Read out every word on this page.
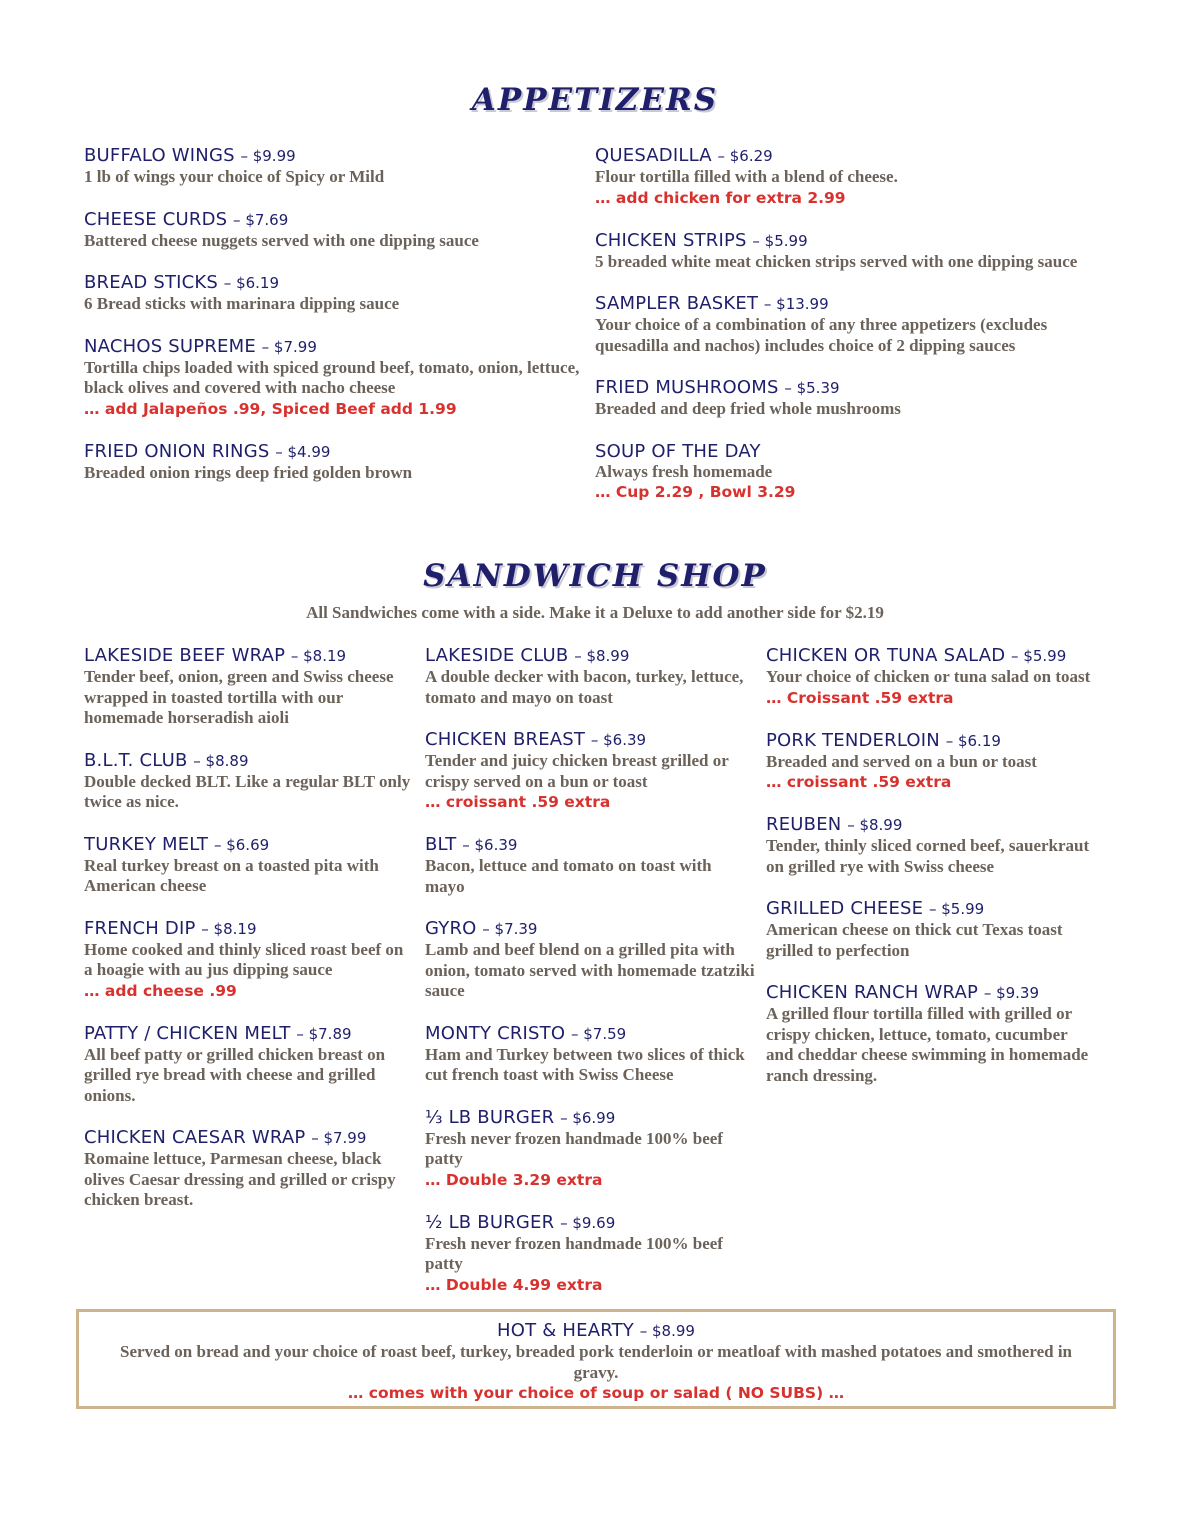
APPETIZERS
BUFFALO WINGS – $9.99
1 lb of wings your choice of Spicy or Mild
CHEESE CURDS – $7.69
Battered cheese nuggets served with one dipping sauce
BREAD STICKS – $6.19
6 Bread sticks with marinara dipping sauce
NACHOS SUPREME – $7.99
Tortilla chips loaded with spiced ground beef, tomato, onion, lettuce, black olives and covered with nacho cheese
… add Jalapeños .99, Spiced Beef add 1.99
FRIED ONION RINGS – $4.99
Breaded onion rings deep fried golden brown
QUESADILLA – $6.29
Flour tortilla filled with a blend of cheese.
… add chicken for extra 2.99
CHICKEN STRIPS – $5.99
5 breaded white meat chicken strips served with one dipping sauce
SAMPLER BASKET – $13.99
Your choice of a combination of any three appetizers (excludes quesadilla and nachos) includes choice of 2 dipping sauces
FRIED MUSHROOMS – $5.39
Breaded and deep fried whole mushrooms
SOUP OF THE DAY
Always fresh homemade
… Cup 2.29 , Bowl 3.29
SANDWICH SHOP
All Sandwiches come with a side. Make it a Deluxe to add another side for $2.19
LAKESIDE BEEF WRAP – $8.19
Tender beef, onion, green and Swiss cheese wrapped in toasted tortilla with our homemade horseradish aioli
B.L.T. CLUB – $8.89
Double decked BLT. Like a regular BLT only twice as nice.
TURKEY MELT – $6.69
Real turkey breast on a toasted pita with American cheese
FRENCH DIP – $8.19
Home cooked and thinly sliced roast beef on a hoagie with au jus dipping sauce
… add cheese .99
PATTY / CHICKEN MELT – $7.89
All beef patty or grilled chicken breast on grilled rye bread with cheese and grilled onions.
CHICKEN CAESAR WRAP – $7.99
Romaine lettuce, Parmesan cheese, black olives Caesar dressing and grilled or crispy chicken breast.
LAKESIDE CLUB – $8.99
A double decker with bacon, turkey, lettuce, tomato and mayo on toast
CHICKEN BREAST – $6.39
Tender and juicy chicken breast grilled or crispy served on a bun or toast
… croissant .59 extra
BLT – $6.39
Bacon, lettuce and tomato on toast with mayo
GYRO – $7.39
Lamb and beef blend on a grilled pita with onion, tomato served with homemade tzatziki sauce
MONTY CRISTO – $7.59
Ham and Turkey between two slices of thick cut french toast with Swiss Cheese
⅓ LB BURGER – $6.99
Fresh never frozen handmade 100% beef patty
… Double 3.29 extra
½ LB BURGER – $9.69
Fresh never frozen handmade 100% beef patty
… Double 4.99 extra
CHICKEN OR TUNA SALAD – $5.99
Your choice of chicken or tuna salad on toast
… Croissant .59 extra
PORK TENDERLOIN – $6.19
Breaded and served on a bun or toast
… croissant .59 extra
REUBEN – $8.99
Tender, thinly sliced corned beef, sauerkraut on grilled rye with Swiss cheese
GRILLED CHEESE – $5.99
American cheese on thick cut Texas toast grilled to perfection
CHICKEN RANCH WRAP – $9.39
A grilled flour tortilla filled with grilled or crispy chicken, lettuce, tomato, cucumber and cheddar cheese swimming in homemade ranch dressing.
HOT & HEARTY – $8.99
Served on bread and your choice of roast beef, turkey, breaded pork tenderloin or meatloaf with mashed potatoes and smothered in gravy.
… comes with your choice of soup or salad ( NO SUBS) …
